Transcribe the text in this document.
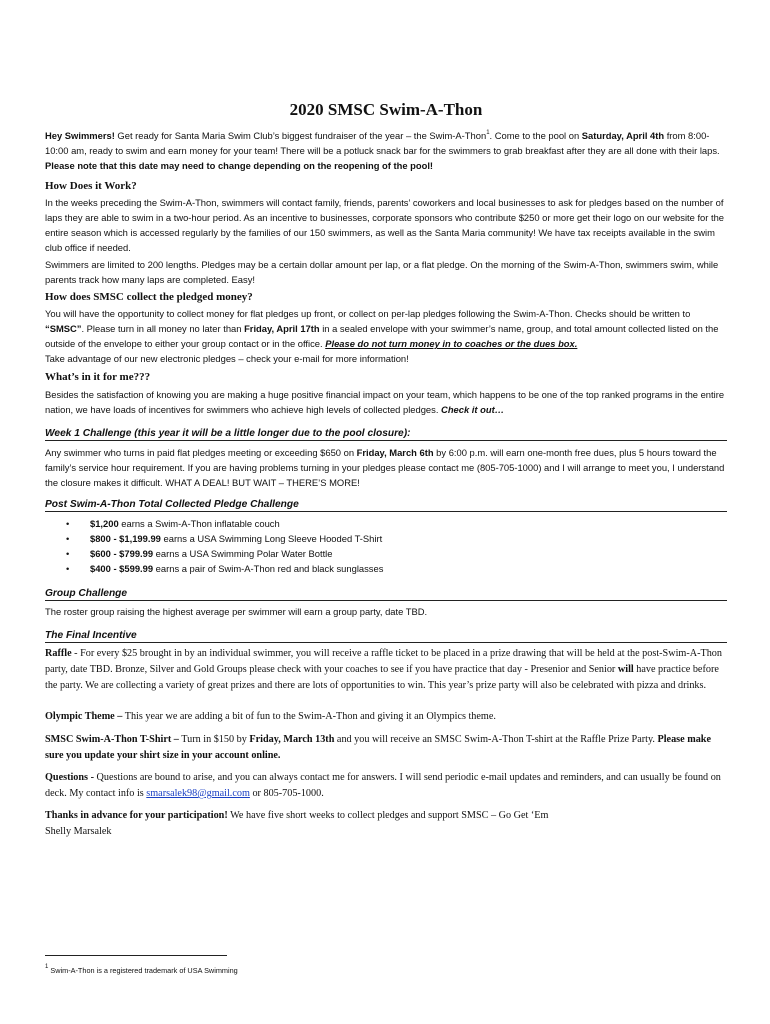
2020 SMSC Swim-A-Thon

Hey Swimmers! Get ready for Santa Maria Swim Club’s biggest fundraiser of the year – the Swim-A-Thon$^1$. Come to the pool on Saturday, April 4th from 8:00-10:00 am, ready to swim and earn money for your team! There will be a potluck snack bar for the swimmers to grab breakfast after they are all done with their laps. Please note that this date may need to change depending on the reopening of the pool!

How Does it Work?

In the weeks preceding the Swim-A-Thon, swimmers will contact family, friends, parents’ coworkers and local businesses to ask for pledges based on the number of laps they are able to swim in a two-hour period. As an incentive to businesses, corporate sponsors who contribute $250 or more get their logo on our website for the entire season which is accessed regularly by the families of our 150 swimmers, as well as the Santa Maria community! We have tax receipts available in the swim club office if needed.

Swimmers are limited to 200 lengths. Pledges may be a certain dollar amount per lap, or a flat pledge. On the morning of the Swim-A-Thon, swimmers swim, while parents track how many laps are completed. Easy!

How does SMSC collect the pledged money?

You will have the opportunity to collect money for flat pledges up front, or collect on per-lap pledges following the Swim-A-Thon. Checks should be written to “SMSC”. Please turn in all money no later than Friday, April 17th in a sealed envelope with your swimmer’s name, group, and total amount collected listed on the outside of the envelope to either your group contact or in the office. Please do not turn money in to coaches or the dues box.
Take advantage of our new electronic pledges – check your e-mail for more information!

What’s in it for me???

Besides the satisfaction of knowing you are making a huge positive financial impact on your team, which happens to be one of the top ranked programs in the entire nation, we have loads of incentives for swimmers who achieve high levels of collected pledges. Check it out…

Week 1 Challenge (this year it will be a little longer due to the pool closure):

Any swimmer who turns in paid flat pledges meeting or exceeding $650 on Friday, March 6th by 6:00 p.m. will earn one-month free dues, plus 5 hours toward the family’s service hour requirement. If you are having problems turning in your pledges please contact me (805-705-1000) and I will arrange to meet you, I understand the closure makes it difficult. WHAT A DEAL! BUT WAIT – THERE’S MORE!

Post Swim-A-Thon Total Collected Pledge Challenge
• $1,200 earns a Swim-A-Thon inflatable couch
• $800 - $1,199.99 earns a USA Swimming Long Sleeve Hooded T-Shirt
• $600 - $799.99 earns a USA Swimming Polar Water Bottle
• $400 - $599.99 earns a pair of Swim-A-Thon red and black sunglasses
Group Challenge

The roster group raising the highest average per swimmer will earn a group party, date TBD.

The Final Incentive

Raffle - For every $25 brought in by an individual swimmer, you will receive a raffle ticket to be placed in a prize drawing that will be held at the post-Swim-A-Thon party, date TBD. Bronze, Silver and Gold Groups please check with your coaches to see if you have practice that day - Presenior and Senior will have practice before the party. We are collecting a variety of great prizes and there are lots of opportunities to win. This year’s prize party will also be celebrated with pizza and drinks.

Olympic Theme – This year we are adding a bit of fun to the Swim-A-Thon and giving it an Olympics theme.

SMSC Swim-A-Thon T-Shirt – Turn in $150 by Friday, March 13th and you will receive an SMSC Swim-A-Thon T-shirt at the Raffle Prize Party. Please make sure you update your shirt size in your account online.

Questions - Questions are bound to arise, and you can always contact me for answers. I will send periodic e-mail updates and reminders, and can usually be found on deck. My contact info is smarsalek98@gmail.com or 805-705-1000.

Thanks in advance for your participation! We have five short weeks to collect pledges and support SMSC – Go Get ‘Em
Shelly Marsalek

$^1$ Swim-A-Thon is a registered trademark of USA Swimming
